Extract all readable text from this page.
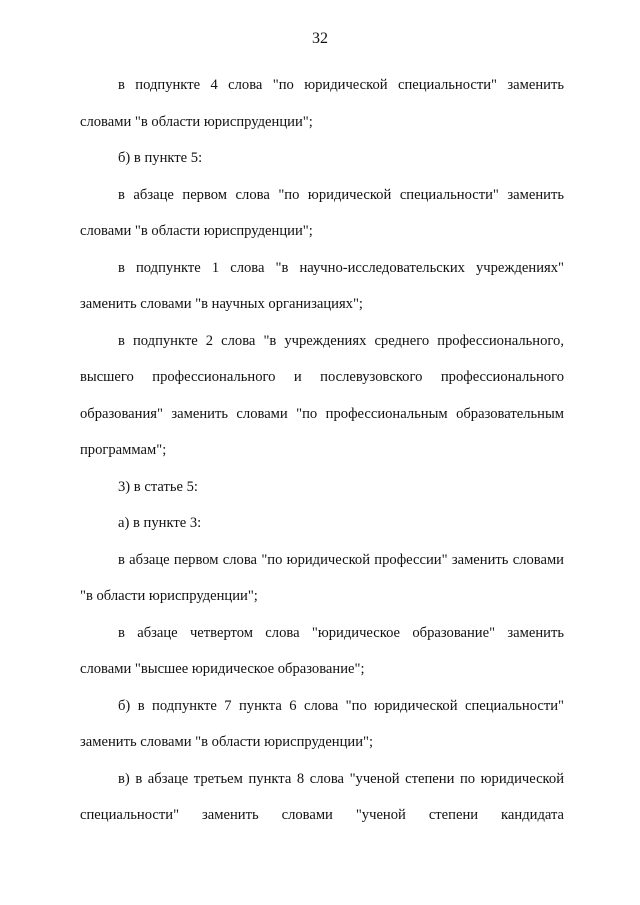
32

в подпункте 4 слова "по юридической специальности" заменить словами "в области юриспруденции";

б) в пункте 5:

в абзаце первом слова "по юридической специальности" заменить словами "в области юриспруденции";

в подпункте 1 слова "в научно-исследовательских учреждениях" заменить словами "в научных организациях";

в подпункте 2 слова "в учреждениях среднего профессионального, высшего профессионального и послевузовского профессионального образования" заменить словами "по профессиональным образовательным программам";

3) в статье 5:

а) в пункте 3:

в абзаце первом слова "по юридической профессии" заменить словами "в области юриспруденции";

в абзаце четвертом слова "юридическое образование" заменить словами "высшее юридическое образование";

б) в подпункте 7 пункта 6 слова "по юридической специальности" заменить словами "в области юриспруденции";

в) в абзаце третьем пункта 8 слова "ученой степени по юридической специальности" заменить словами "ученой степени кандидата
